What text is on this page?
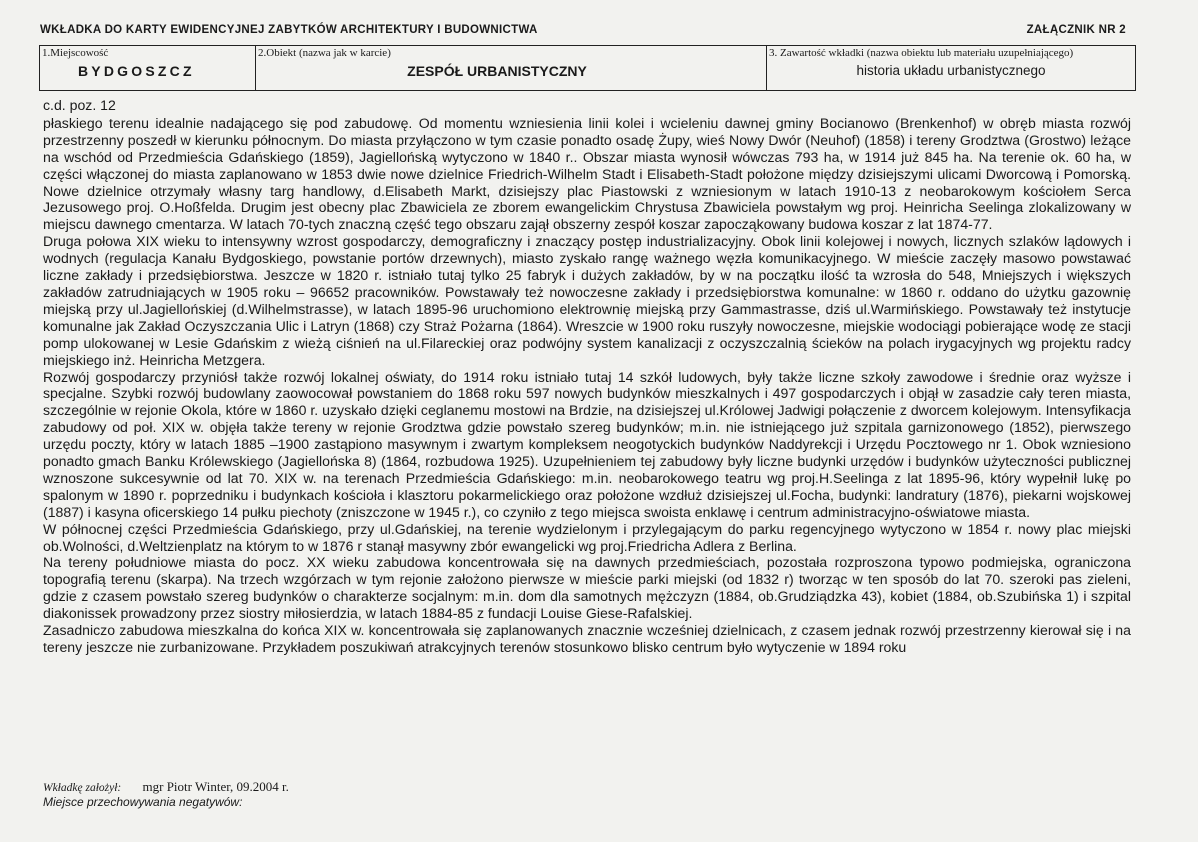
WKŁADKA DO KARTY EWIDENCYJNEJ ZABYTKÓW ARCHITEKTURY I BUDOWNICTWA	ZAŁĄCZNIK NR 2
1.Miejscowość
BYDGOSZCZ
2.Obiekt (nazwa jak w karcie)
ZESPÓŁ URBANISTYCZNY
3. Zawartość wkładki (nazwa obiektu lub materiału uzupełniającego)
historia układu urbanistycznego

c.d. poz. 12

płaskiego terenu idealnie nadającego się pod zabudowę. Od momentu wzniesienia linii kolei i wcieleniu dawnej gminy Bocianowo (Brenkenhof) w obręb miasta rozwój przestrzenny poszedł w kierunku północnym. Do miasta przyłączono w tym czasie ponadto osadę Żupy, wieś Nowy Dwór (Neuhof) (1858) i tereny Grodztwa (Grostwo) leżące na wschód od Przedmieścia Gdańskiego (1859), Jagiellońską wytyczono w 1840 r.. Obszar miasta wynosił wówczas 793 ha, w 1914 już 845 ha. Na terenie ok. 60 ha, w części włączonej do miasta zaplanowano w 1853 dwie nowe dzielnice Friedrich-Wilhelm Stadt i Elisabeth-Stadt położone między dzisiejszymi ulicami Dworcową i Pomorską. Nowe dzielnice otrzymały własny targ handlowy, d.Elisabeth Markt, dzisiejszy plac Piastowski z wzniesionym w latach 1910-13 z neobarokowym kościołem Serca Jezusowego proj. O.Hoßfelda. Drugim jest obecny plac Zbawiciela ze zborem ewangelickim Chrystusa Zbawiciela powstałym wg proj. Heinricha Seelinga zlokalizowany w miejscu dawnego cmentarza. W latach 70-tych znaczną część tego obszaru zajął obszerny zespół koszar zapocząkowany budowa koszar z lat 1874-77.

Druga połowa XIX wieku to intensywny wzrost gospodarczy, demograficzny i znaczący postęp industrializacyjny. Obok linii kolejowej i nowych, licznych szlaków lądowych i wodnych (regulacja Kanału Bydgoskiego, powstanie portów drzewnych), miasto zyskało rangę ważnego węzła komunikacyjnego. W mieście zaczęły masowo powstawać liczne zakłady i przedsiębiorstwa. Jeszcze w 1820 r. istniało tutaj tylko 25 fabryk i dużych zakładów, by w na początku ilość ta wzrosła do 548, Mniejszych i większych zakładów zatrudniających w 1905 roku – 96652 pracowników. Powstawały też nowoczesne zakłady i przedsiębiorstwa komunalne: w 1860 r. oddano do użytku gazownię miejską przy ul.Jagiellońskiej (d.Wilhelmstrasse), w latach 1895-96 uruchomiono elektrownię miejską przy Gammastrasse, dziś ul.Warmińskiego. Powstawały też instytucje komunalne jak Zakład Oczyszczania Ulic i Latryn (1868) czy Straż Pożarna (1864). Wreszcie w 1900 roku ruszyły nowoczesne, miejskie wodociągi pobierające wodę ze stacji pomp ulokowanej w Lesie Gdańskim z wieżą ciśnień na ul.Filareckiej oraz podwójny system kanalizacji z oczyszczalnią ścieków na polach irygacyjnych wg projektu radcy miejskiego inż. Heinricha Metzgera.

Rozwój gospodarczy przyniósł także rozwój lokalnej oświaty, do 1914 roku istniało tutaj 14 szkół ludowych, były także liczne szkoły zawodowe i średnie oraz wyższe i specjalne. Szybki rozwój budowlany zaowocował powstaniem do 1868 roku 597 nowych budynków mieszkalnych i 497 gospodarczych i objął w zasadzie cały teren miasta, szczególnie w rejonie Okola, które w 1860 r. uzyskało dzięki ceglanemu mostowi na Brdzie, na dzisiejszej ul.Królowej Jadwigi połączenie z dworcem kolejowym. Intensyfikacja zabudowy od poł. XIX w. objęła także tereny w rejonie Grodztwa gdzie powstało szereg budynków; m.in. nie istniejącego już szpitala garnizonowego (1852), pierwszego urzędu poczty, który w latach 1885 –1900 zastąpiono masywnym i zwartym kompleksem neogotyckich budynków Naddyrekcji i Urzędu Pocztowego nr 1. Obok wzniesiono ponadto gmach Banku Królewskiego (Jagiellońska 8) (1864, rozbudowa 1925). Uzupełnieniem tej zabudowy były liczne budynki urzędów i budynków użyteczności publicznej wznoszone sukcesywnie od lat 70. XIX w. na terenach Przedmieścia Gdańskiego: m.in. neobarokowego teatru wg proj.H.Seelinga z lat 1895-96, który wypełnił lukę po spalonym w 1890 r. poprzedniku i budynkach kościoła i klasztoru pokarmelickiego oraz położone wzdłuż dzisiejszej ul.Focha, budynki: landratury (1876), piekarni wojskowej (1887) i kasyna oficerskiego 14 pułku piechoty (zniszczone w 1945 r.), co czyniło z tego miejsca swoista enklawę i centrum administracyjno-oświatowe miasta.

W północnej części Przedmieścia Gdańskiego, przy ul.Gdańskiej, na terenie wydzielonym i przylegającym do parku regencyjnego wytyczono w 1854 r. nowy plac miejski ob.Wolności, d.Weltzienplatz na którym to w 1876 r stanął masywny zbór ewangelicki wg proj.Friedricha Adlera z Berlina.

Na tereny południowe miasta do pocz. XX wieku zabudowa koncentrowała się na dawnych przedmieściach, pozostała rozproszona typowo podmiejska, ograniczona topografią terenu (skarpa). Na trzech wzgórzach w tym rejonie założono pierwsze w mieście parki miejski (od 1832 r) tworząc w ten sposób do lat 70. szeroki pas zieleni, gdzie z czasem powstało szereg budynków o charakterze socjalnym: m.in. dom dla samotnych mężczyzn (1884, ob.Grudziądzka 43), kobiet (1884, ob.Szubińska 1) i szpital diakonissek prowadzony przez siostry miłosierdzia, w latach 1884-85 z fundacji Louise Giese-Rafalskiej.

Zasadniczo zabudowa mieszkalna do końca XIX w. koncentrowała się zaplanowanych znacznie wcześniej dzielnicach, z czasem jednak rozwój przestrzenny kierował się i na tereny jeszcze nie zurbanizowane. Przykładem poszukiwań atrakcyjnych terenów stosunkowo blisko centrum było wytyczenie w 1894 roku

Wkładkę założył: mgr Piotr Winter, 09.2004 r.
Miejsce przechowywania negatywów:
